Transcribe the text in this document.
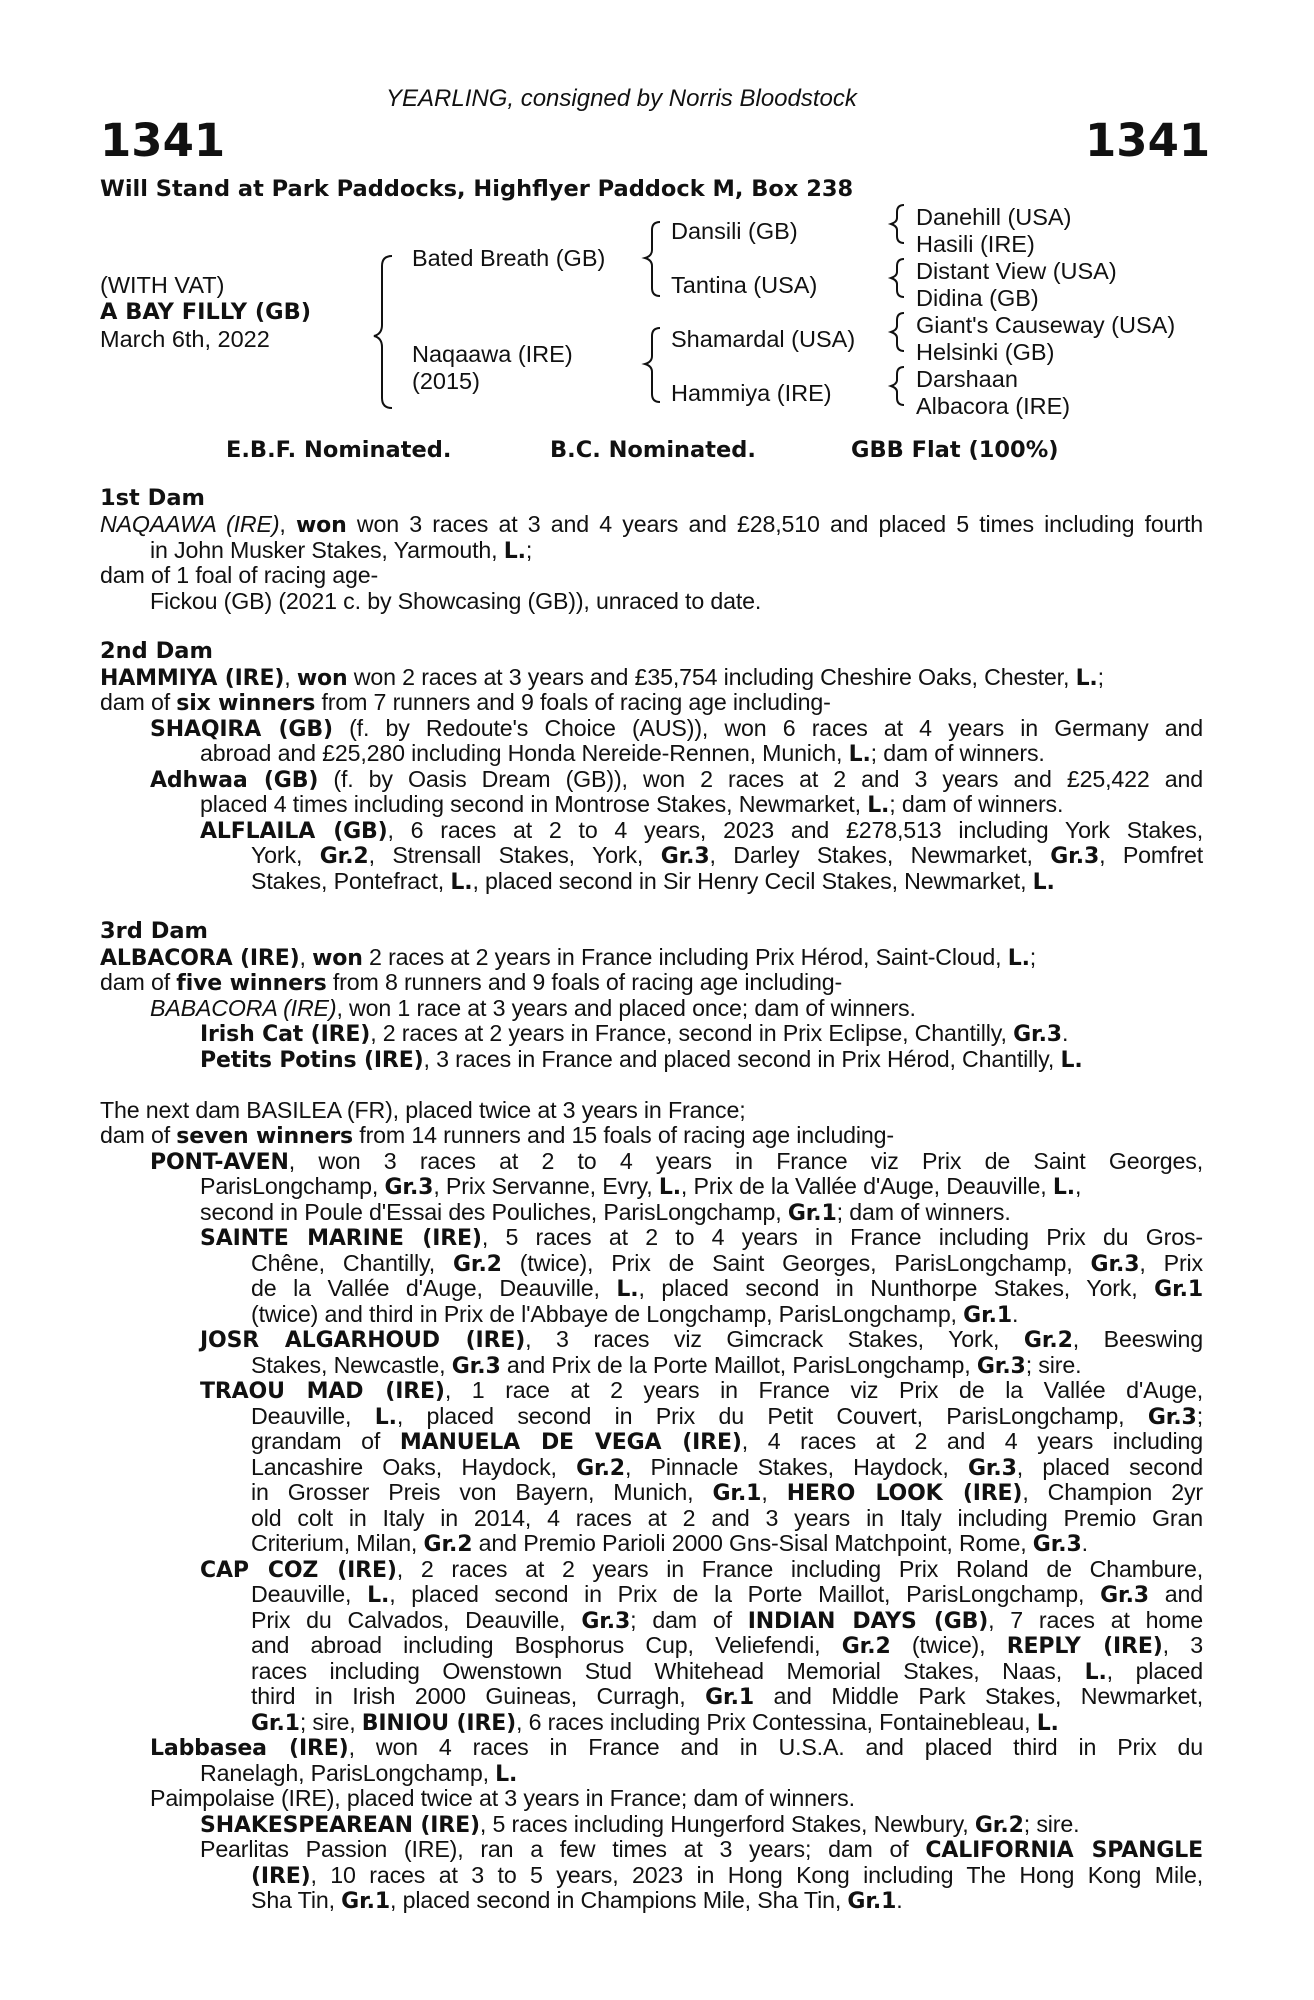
YEARLING, consigned by Norris Bloodstock
1341	1341
Will Stand at Park Paddocks, Highflyer Paddock M, Box 238
(WITH VAT)
A BAY FILLY (GB)
March 6th, 2022
Bated Breath (GB)
Naqaawa (IRE)
(2015)
Dansili (GB)
Tantina (USA)
Shamardal (USA)
Hammiya (IRE)
Danehill (USA)
Hasili (IRE)
Distant View (USA)
Didina (GB)
Giant's Causeway (USA)
Helsinki (GB)
Darshaan
Albacora (IRE)
E.B.F. Nominated.	B.C. Nominated.	GBB Flat (100%)
1st Dam
NAQAAWA (IRE), won won 3 races at 3 and 4 years and £28,510 and placed 5 times including fourth
in John Musker Stakes, Yarmouth, L.;
dam of 1 foal of racing age-
Fickou (GB) (2021 c. by Showcasing (GB)), unraced to date.
2nd Dam
HAMMIYA (IRE), won won 2 races at 3 years and £35,754 including Cheshire Oaks, Chester, L.;
dam of six winners from 7 runners and 9 foals of racing age including-
SHAQIRA (GB) (f. by Redoute's Choice (AUS)), won 6 races at 4 years in Germany and
abroad and £25,280 including Honda Nereide-Rennen, Munich, L.; dam of winners.
Adhwaa (GB) (f. by Oasis Dream (GB)), won 2 races at 2 and 3 years and £25,422 and
placed 4 times including second in Montrose Stakes, Newmarket, L.; dam of winners.
ALFLAILA (GB), 6 races at 2 to 4 years, 2023 and £278,513 including York Stakes,
York, Gr.2, Strensall Stakes, York, Gr.3, Darley Stakes, Newmarket, Gr.3, Pomfret
Stakes, Pontefract, L., placed second in Sir Henry Cecil Stakes, Newmarket, L.
3rd Dam
ALBACORA (IRE), won 2 races at 2 years in France including Prix Hérod, Saint-Cloud, L.;
dam of five winners from 8 runners and 9 foals of racing age including-
BABACORA (IRE), won 1 race at 3 years and placed once; dam of winners.
Irish Cat (IRE), 2 races at 2 years in France, second in Prix Eclipse, Chantilly, Gr.3.
Petits Potins (IRE), 3 races in France and placed second in Prix Hérod, Chantilly, L.
The next dam BASILEA (FR), placed twice at 3 years in France;
dam of seven winners from 14 runners and 15 foals of racing age including-
PONT-AVEN, won 3 races at 2 to 4 years in France viz Prix de Saint Georges,
ParisLongchamp, Gr.3, Prix Servanne, Evry, L., Prix de la Vallée d'Auge, Deauville, L.,
second in Poule d'Essai des Pouliches, ParisLongchamp, Gr.1; dam of winners.
SAINTE MARINE (IRE), 5 races at 2 to 4 years in France including Prix du Gros-
Chêne, Chantilly, Gr.2 (twice), Prix de Saint Georges, ParisLongchamp, Gr.3, Prix
de la Vallée d'Auge, Deauville, L., placed second in Nunthorpe Stakes, York, Gr.1
(twice) and third in Prix de l'Abbaye de Longchamp, ParisLongchamp, Gr.1.
JOSR ALGARHOUD (IRE), 3 races viz Gimcrack Stakes, York, Gr.2, Beeswing
Stakes, Newcastle, Gr.3 and Prix de la Porte Maillot, ParisLongchamp, Gr.3; sire.
TRAOU MAD (IRE), 1 race at 2 years in France viz Prix de la Vallée d'Auge,
Deauville, L., placed second in Prix du Petit Couvert, ParisLongchamp, Gr.3;
grandam of MANUELA DE VEGA (IRE), 4 races at 2 and 4 years including
Lancashire Oaks, Haydock, Gr.2, Pinnacle Stakes, Haydock, Gr.3, placed second
in Grosser Preis von Bayern, Munich, Gr.1, HERO LOOK (IRE), Champion 2yr
old colt in Italy in 2014, 4 races at 2 and 3 years in Italy including Premio Gran
Criterium, Milan, Gr.2 and Premio Parioli 2000 Gns-Sisal Matchpoint, Rome, Gr.3.
CAP COZ (IRE), 2 races at 2 years in France including Prix Roland de Chambure,
Deauville, L., placed second in Prix de la Porte Maillot, ParisLongchamp, Gr.3 and
Prix du Calvados, Deauville, Gr.3; dam of INDIAN DAYS (GB), 7 races at home
and abroad including Bosphorus Cup, Veliefendi, Gr.2 (twice), REPLY (IRE), 3
races including Owenstown Stud Whitehead Memorial Stakes, Naas, L., placed
third in Irish 2000 Guineas, Curragh, Gr.1 and Middle Park Stakes, Newmarket,
Gr.1; sire, BINIOU (IRE), 6 races including Prix Contessina, Fontainebleau, L.
Labbasea (IRE), won 4 races in France and in U.S.A. and placed third in Prix du
Ranelagh, ParisLongchamp, L.
Paimpolaise (IRE), placed twice at 3 years in France; dam of winners.
SHAKESPEAREAN (IRE), 5 races including Hungerford Stakes, Newbury, Gr.2; sire.
Pearlitas Passion (IRE), ran a few times at 3 years; dam of CALIFORNIA SPANGLE
(IRE), 10 races at 3 to 5 years, 2023 in Hong Kong including The Hong Kong Mile,
Sha Tin, Gr.1, placed second in Champions Mile, Sha Tin, Gr.1.
